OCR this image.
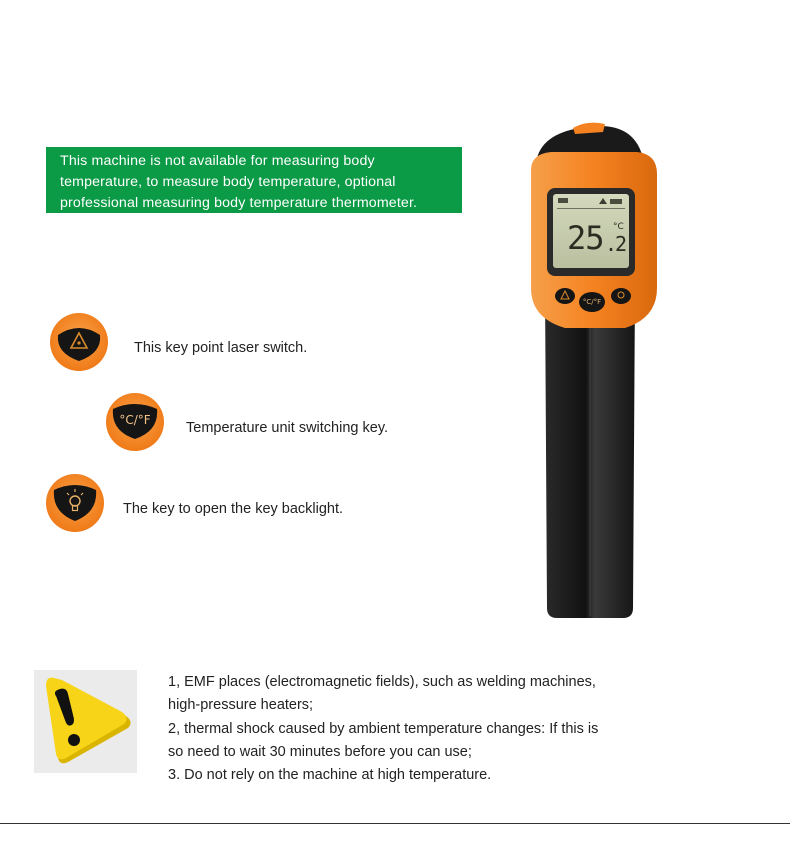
This machine is not available for measuring body
temperature, to measure body temperature, optional
professional measuring body temperature thermometer.
This key point laser switch.
°C/°F	Temperature unit switching key.
The key to open the key backlight.
25 .2
°C
°C/°F
1, EMF places (electromagnetic fields), such as welding machines,
high-pressure heaters;
2, thermal shock caused by ambient temperature changes: If this is
so need to wait 30 minutes before you can use;
3. Do not rely on the machine at high temperature.
